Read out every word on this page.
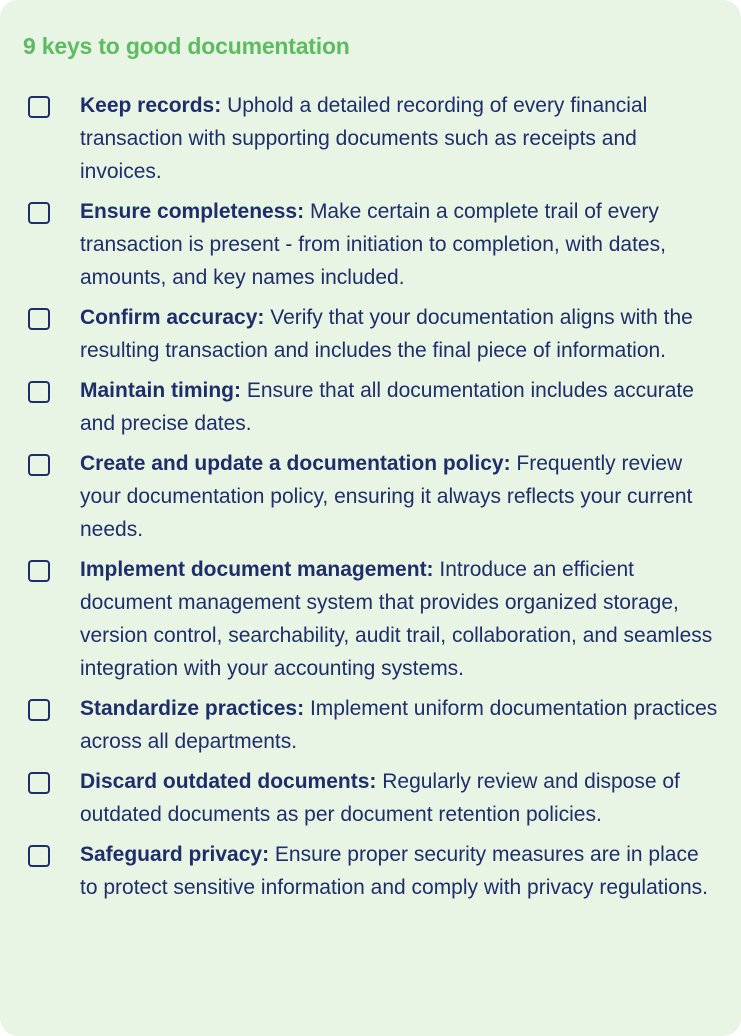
9 keys to good documentation

Keep records: Uphold a detailed recording of every financial transaction with supporting documents such as receipts and invoices.

Ensure completeness: Make certain a complete trail of every transaction is present - from initiation to completion, with dates, amounts, and key names included.

Confirm accuracy: Verify that your documentation aligns with the resulting transaction and includes the final piece of information.

Maintain timing: Ensure that all documentation includes accurate and precise dates.

Create and update a documentation policy: Frequently review your documentation policy, ensuring it always reflects your current needs.

Implement document management: Introduce an efficient document management system that provides organized storage, version control, searchability, audit trail, collaboration, and seamless integration with your accounting systems.

Standardize practices: Implement uniform documentation practices across all departments.

Discard outdated documents: Regularly review and dispose of outdated documents as per document retention policies.

Safeguard privacy: Ensure proper security measures are in place to protect sensitive information and comply with privacy regulations.
